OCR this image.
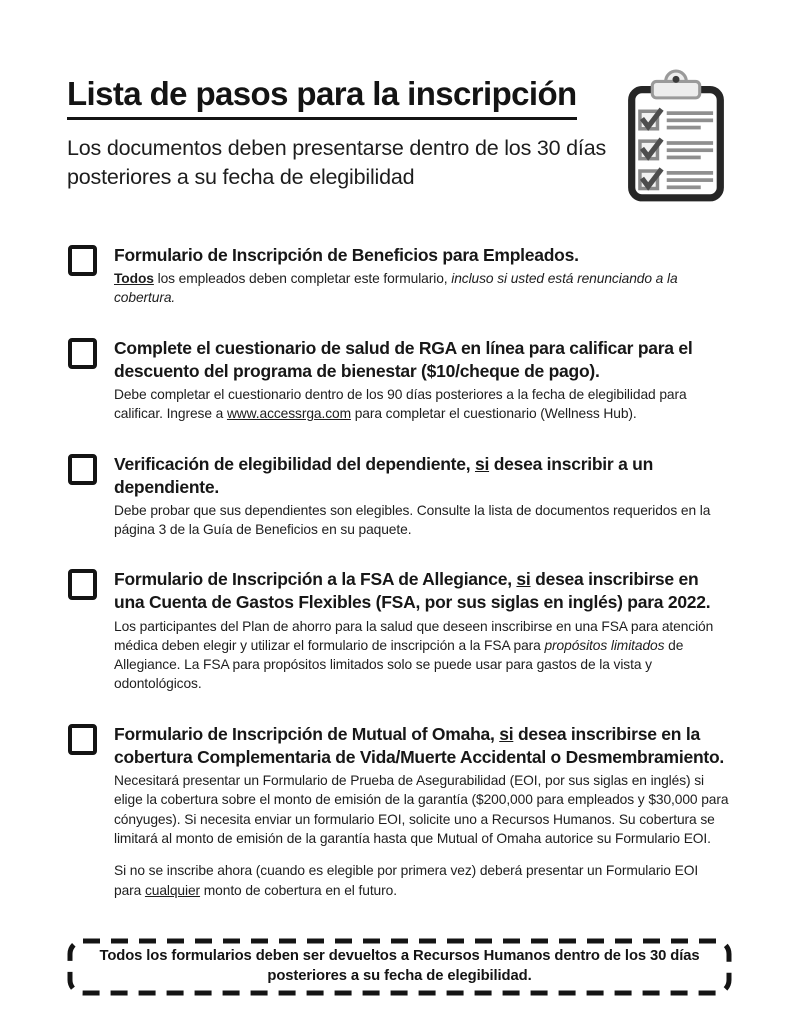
Lista de pasos para la inscripción

Los documentos deben presentarse dentro de los 30 días posteriores a su fecha de elegibilidad

Formulario de Inscripción de Beneficios para Empleados.

Todos los empleados deben completar este formulario, incluso si usted está renunciando a la cobertura.

Complete el cuestionario de salud de RGA en línea para calificar para el descuento del programa de bienestar ($10/cheque de pago).

Debe completar el cuestionario dentro de los 90 días posteriores a la fecha de elegibilidad para calificar. Ingrese a www.accessrga.com para completar el cuestionario (Wellness Hub).

Verificación de elegibilidad del dependiente, si desea inscribir a un dependiente.

Debe probar que sus dependientes son elegibles. Consulte la lista de documentos requeridos en la página 3 de la Guía de Beneficios en su paquete.

Formulario de Inscripción a la FSA de Allegiance, si desea inscribirse en una Cuenta de Gastos Flexibles (FSA, por sus siglas en inglés) para 2022.

Los participantes del Plan de ahorro para la salud que deseen inscribirse en una FSA para atención médica deben elegir y utilizar el formulario de inscripción a la FSA para propósitos limitados de Allegiance. La FSA para propósitos limitados solo se puede usar para gastos de la vista y odontológicos.

Formulario de Inscripción de Mutual of Omaha, si desea inscribirse en la cobertura Complementaria de Vida/Muerte Accidental o Desmembramiento.

Necesitará presentar un Formulario de Prueba de Asegurabilidad (EOI, por sus siglas en inglés) si elige la cobertura sobre el monto de emisión de la garantía ($200,000 para empleados y $30,000 para cónyuges). Si necesita enviar un formulario EOI, solicite uno a Recursos Humanos. Su cobertura se limitará al monto de emisión de la garantía hasta que Mutual of Omaha autorice su Formulario EOI.

Si no se inscribe ahora (cuando es elegible por primera vez) deberá presentar un Formulario EOI para cualquier monto de cobertura en el futuro.

Todos los formularios deben ser devueltos a Recursos Humanos dentro de los 30 días posteriores a su fecha de elegibilidad.
